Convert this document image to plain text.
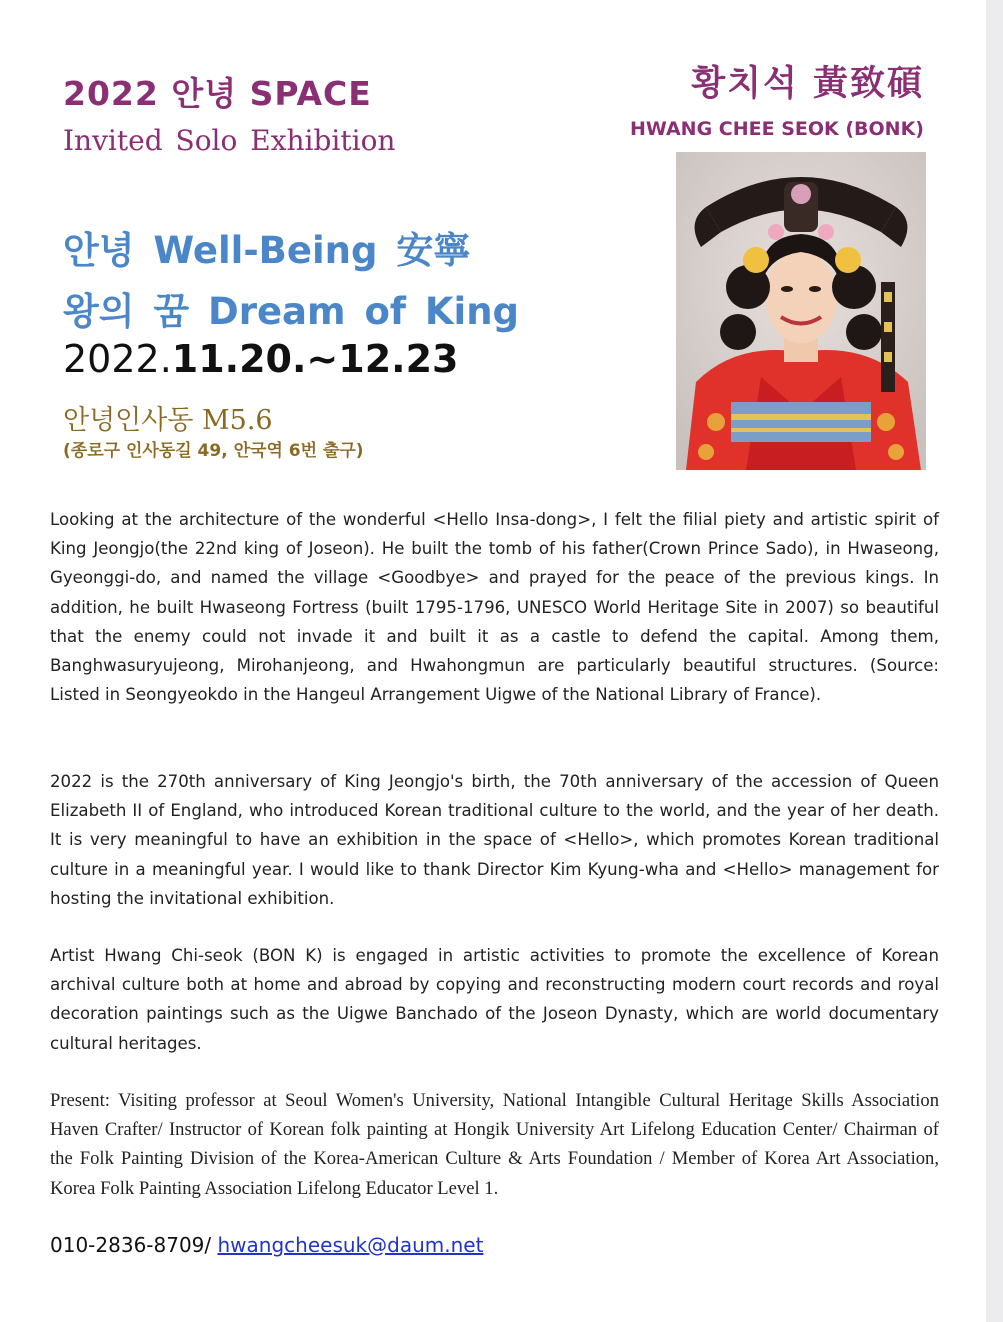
2022 안녕 SPACE
Invited Solo Exhibition
황치석 黃致碩
HWANG CHEE SEOK (BONK)
안녕 Well-Being 安寧
왕의 꿈 Dream of King
2022.11.20.~12.23
안녕인사동 M5.6
(종로구 인사동길 49, 안국역 6번 출구)

Looking at the architecture of the wonderful <Hello Insa-dong>, I felt the filial piety and artistic spirit of King Jeongjo(the 22nd king of Joseon). He built the tomb of his father(Crown Prince Sado), in Hwaseong, Gyeonggi-do, and named the village <Goodbye> and prayed for the peace of the previous kings. In addition, he built Hwaseong Fortress (built 1795-1796, UNESCO World Heritage Site in 2007) so beautiful that the enemy could not invade it and built it as a castle to defend the capital. Among them, Banghwasuryujeong, Mirohanjeong, and Hwahongmun are particularly beautiful structures. (Source: Listed in Seongyeokdo in the Hangeul Arrangement Uigwe of the National Library of France).

2022 is the 270th anniversary of King Jeongjo's birth, the 70th anniversary of the accession of Queen Elizabeth II of England, who introduced Korean traditional culture to the world, and the year of her death. It is very meaningful to have an exhibition in the space of <Hello>, which promotes Korean traditional culture in a meaningful year. I would like to thank Director Kim Kyung-wha and <Hello> management for hosting the invitational exhibition.

Artist Hwang Chi-seok (BON K) is engaged in artistic activities to promote the excellence of Korean archival culture both at home and abroad by copying and reconstructing modern court records and royal decoration paintings such as the Uigwe Banchado of the Joseon Dynasty, which are world documentary cultural heritages.

Present: Visiting professor at Seoul Women's University, National Intangible Cultural Heritage Skills Association Haven Crafter/ Instructor of Korean folk painting at Hongik University Art Lifelong Education Center/ Chairman of the Folk Painting Division of the Korea-American Culture & Arts Foundation / Member of Korea Art Association, Korea Folk Painting Association Lifelong Educator Level 1.

010-2836-8709/ hwangcheesuk@daum.net
